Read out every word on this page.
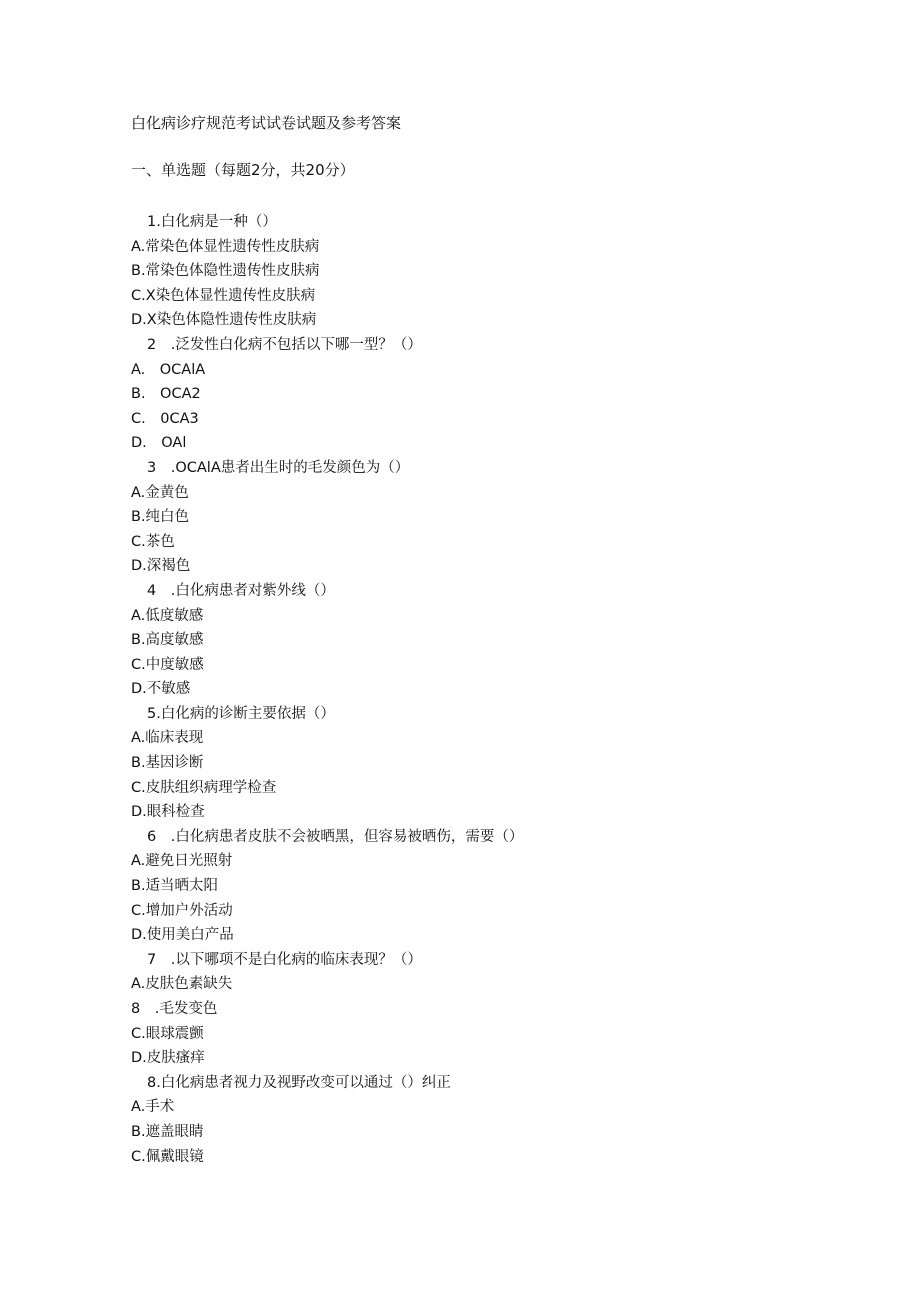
白化病诊疗规范考试试卷试题及参考答案
一、单选题（每题2分，共20分）
1.白化病是一种（）
A.常染色体显性遗传性皮肤病
B.常染色体隐性遗传性皮肤病
C.X染色体显性遗传性皮肤病
D.X染色体隐性遗传性皮肤病
2　.泛发性白化病不包括以下哪一型？（）
A.　OCAlA
B.　OCA2
C.　0CA3
D.　OAl
3　.OCAlA患者出生时的毛发颜色为（）
A.金黄色
B.纯白色
C.茶色
D.深褐色
4　.白化病患者对紫外线（）
A.低度敏感
B.高度敏感
C.中度敏感
D.不敏感
5.白化病的诊断主要依据（）
A.临床表现
B.基因诊断
C.皮肤组织病理学检查
D.眼科检查
6　.白化病患者皮肤不会被晒黑，但容易被晒伤，需要（）
A.避免日光照射
B.适当晒太阳
C.增加户外活动
D.使用美白产品
7　.以下哪项不是白化病的临床表现？（）
A.皮肤色素缺失
8　.毛发变色
C.眼球震颤
D.皮肤瘙痒
8.白化病患者视力及视野改变可以通过（）纠正
A.手术
B.遮盖眼睛
C.佩戴眼镜
